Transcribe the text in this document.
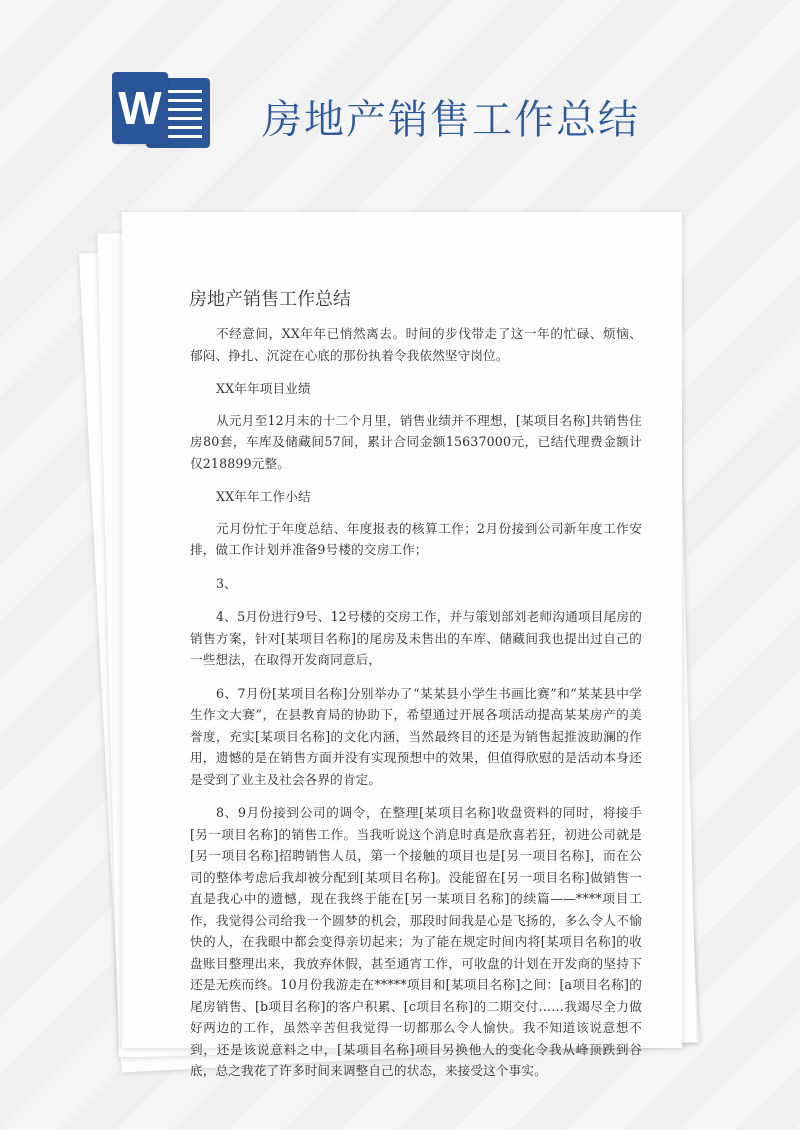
W	房地产销售工作总结
房地产销售工作总结

不经意间，XX年年已悄然离去。时间的步伐带走了这一年的忙碌、烦恼、郁闷、挣扎、沉淀在心底的那份执着令我依然坚守岗位。

XX年年项目业绩

从元月至12月末的十二个月里，销售业绩并不理想，[某项目名称]共销售住房80套，车库及储藏间57间，累计合同金额15637000元，已结代理费金额计仅218899元整。

XX年年工作小结

元月份忙于年度总结、年度报表的核算工作；2月份接到公司新年度工作安排，做工作计划并准备9号楼的交房工作；

3、

4、5月份进行9号、12号楼的交房工作，并与策划部刘老师沟通项目尾房的销售方案，针对[某项目名称]的尾房及未售出的车库、储藏间我也提出过自己的一些想法，在取得开发商同意后，

6、7月份[某项目名称]分别举办了“某某县小学生书画比赛”和“某某县中学生作文大赛”，在县教育局的协助下，希望通过开展各项活动提高某某房产的美誉度，充实[某项目名称]的文化内涵，当然最终目的还是为销售起推波助澜的作用，遗憾的是在销售方面并没有实现预想中的效果，但值得欣慰的是活动本身还是受到了业主及社会各界的肯定。

8、9月份接到公司的调令，在整理[某项目名称]收盘资料的同时，将接手[另一项目名称]的销售工作。当我听说这个消息时真是欣喜若狂，初进公司就是[另一项目名称]招聘销售人员，第一个接触的项目也是[另一项目名称]，而在公司的整体考虑后我却被分配到[某项目名称]。没能留在[另一项目名称]做销售一直是我心中的遗憾，现在我终于能在[另一某项目名称]的续篇——****项目工作，我觉得公司给我一个圆梦的机会，那段时间我是心是飞扬的，多么令人不愉快的人，在我眼中都会变得亲切起来；为了能在规定时间内将[某项目名称]的收盘账目整理出来，我放弃休假，甚至通宵工作，可收盘的计划在开发商的坚持下还是无疾而终。10月份我游走在*****项目和[某项目名称]之间：[a项目名称]的尾房销售、[b项目名称]的客户积累、[c项目名称]的二期交付……我竭尽全力做好两边的工作，虽然辛苦但我觉得一切都那么令人愉快。我不知道该说意想不到，还是该说意料之中，[某项目名称]项目另换他人的变化令我从峰顶跌到谷底，总之我花了许多时间来调整自己的状态，来接受这个事实。
